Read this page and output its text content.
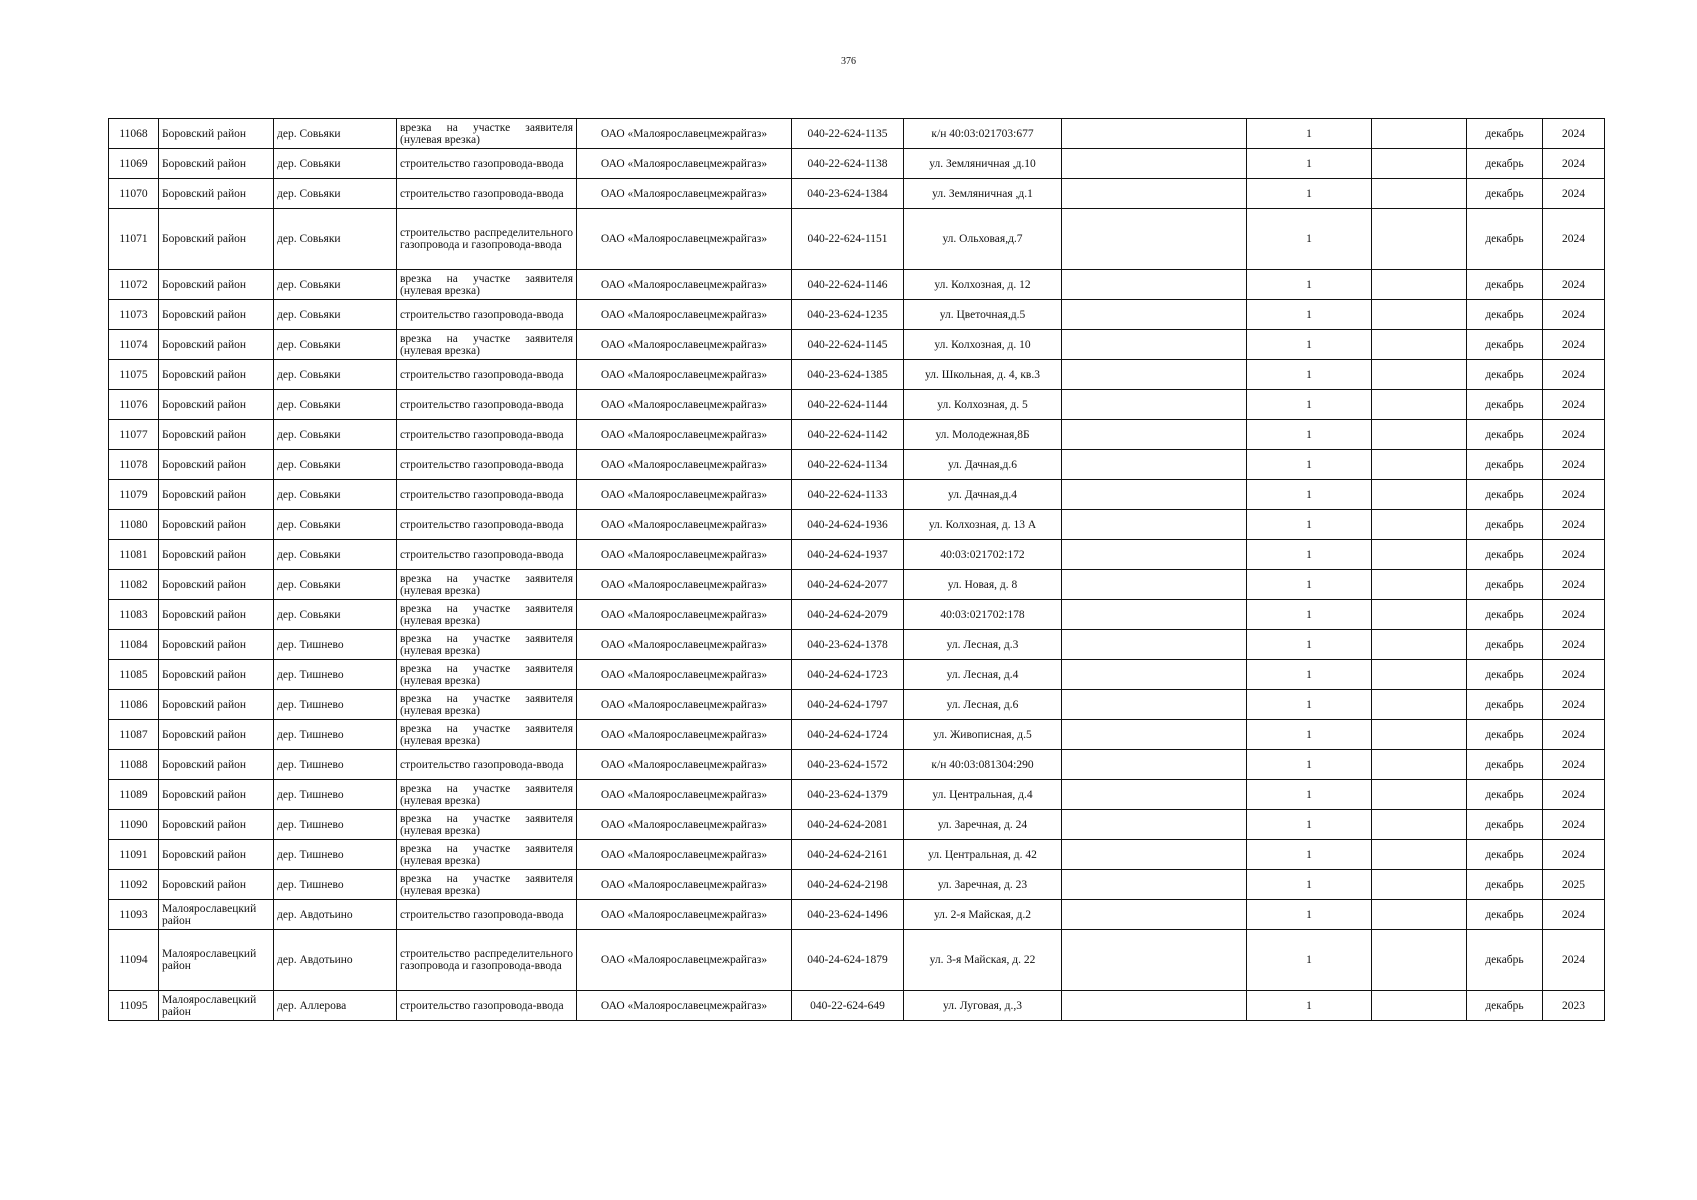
376
11068	Боровский район	дер. Совьяки	врезка на участке заявителя (нулевая врезка)	ОАО «Малоярославецмежрайгаз»	040-22-624-1135	к/н 40:03:021703:677		1		декабрь	2024
11069	Боровский район	дер. Совьяки	строительство газопровода-ввода	ОАО «Малоярославецмежрайгаз»	040-22-624-1138	ул. Земляничная ,д.10		1		декабрь	2024
11070	Боровский район	дер. Совьяки	строительство газопровода-ввода	ОАО «Малоярославецмежрайгаз»	040-23-624-1384	ул. Земляничная ,д.1		1		декабрь	2024
11071	Боровский район	дер. Совьяки	строительство распределительного газопровода и газопровода-ввода	ОАО «Малоярославецмежрайгаз»	040-22-624-1151	ул. Ольховая,д.7		1		декабрь	2024
11072	Боровский район	дер. Совьяки	врезка на участке заявителя (нулевая врезка)	ОАО «Малоярославецмежрайгаз»	040-22-624-1146	ул. Колхозная, д. 12		1		декабрь	2024
11073	Боровский район	дер. Совьяки	строительство газопровода-ввода	ОАО «Малоярославецмежрайгаз»	040-23-624-1235	ул. Цветочная,д.5		1		декабрь	2024
11074	Боровский район	дер. Совьяки	врезка на участке заявителя (нулевая врезка)	ОАО «Малоярославецмежрайгаз»	040-22-624-1145	ул. Колхозная, д. 10		1		декабрь	2024
11075	Боровский район	дер. Совьяки	строительство газопровода-ввода	ОАО «Малоярославецмежрайгаз»	040-23-624-1385	ул. Школьная, д. 4, кв.3		1		декабрь	2024
11076	Боровский район	дер. Совьяки	строительство газопровода-ввода	ОАО «Малоярославецмежрайгаз»	040-22-624-1144	ул. Колхозная, д. 5		1		декабрь	2024
11077	Боровский район	дер. Совьяки	строительство газопровода-ввода	ОАО «Малоярославецмежрайгаз»	040-22-624-1142	ул. Молодежная,8Б		1		декабрь	2024
11078	Боровский район	дер. Совьяки	строительство газопровода-ввода	ОАО «Малоярославецмежрайгаз»	040-22-624-1134	ул. Дачная,д.6		1		декабрь	2024
11079	Боровский район	дер. Совьяки	строительство газопровода-ввода	ОАО «Малоярославецмежрайгаз»	040-22-624-1133	ул. Дачная,д.4		1		декабрь	2024
11080	Боровский район	дер. Совьяки	строительство газопровода-ввода	ОАО «Малоярославецмежрайгаз»	040-24-624-1936	ул. Колхозная, д. 13 А		1		декабрь	2024
11081	Боровский район	дер. Совьяки	строительство газопровода-ввода	ОАО «Малоярославецмежрайгаз»	040-24-624-1937	40:03:021702:172		1		декабрь	2024
11082	Боровский район	дер. Совьяки	врезка на участке заявителя (нулевая врезка)	ОАО «Малоярославецмежрайгаз»	040-24-624-2077	ул. Новая, д. 8		1		декабрь	2024
11083	Боровский район	дер. Совьяки	врезка на участке заявителя (нулевая врезка)	ОАО «Малоярославецмежрайгаз»	040-24-624-2079	40:03:021702:178		1		декабрь	2024
11084	Боровский район	дер. Тишнево	врезка на участке заявителя (нулевая врезка)	ОАО «Малоярославецмежрайгаз»	040-23-624-1378	ул. Лесная, д.3		1		декабрь	2024
11085	Боровский район	дер. Тишнево	врезка на участке заявителя (нулевая врезка)	ОАО «Малоярославецмежрайгаз»	040-24-624-1723	ул. Лесная, д.4		1		декабрь	2024
11086	Боровский район	дер. Тишнево	врезка на участке заявителя (нулевая врезка)	ОАО «Малоярославецмежрайгаз»	040-24-624-1797	ул. Лесная, д.6		1		декабрь	2024
11087	Боровский район	дер. Тишнево	врезка на участке заявителя (нулевая врезка)	ОАО «Малоярославецмежрайгаз»	040-24-624-1724	ул. Живописная, д.5		1		декабрь	2024
11088	Боровский район	дер. Тишнево	строительство газопровода-ввода	ОАО «Малоярославецмежрайгаз»	040-23-624-1572	к/н 40:03:081304:290		1		декабрь	2024
11089	Боровский район	дер. Тишнево	врезка на участке заявителя (нулевая врезка)	ОАО «Малоярославецмежрайгаз»	040-23-624-1379	ул. Центральная, д.4		1		декабрь	2024
11090	Боровский район	дер. Тишнево	врезка на участке заявителя (нулевая врезка)	ОАО «Малоярославецмежрайгаз»	040-24-624-2081	ул. Заречная, д. 24		1		декабрь	2024
11091	Боровский район	дер. Тишнево	врезка на участке заявителя (нулевая врезка)	ОАО «Малоярославецмежрайгаз»	040-24-624-2161	ул. Центральная, д. 42		1		декабрь	2024
11092	Боровский район	дер. Тишнево	врезка на участке заявителя (нулевая врезка)	ОАО «Малоярославецмежрайгаз»	040-24-624-2198	ул. Заречная, д. 23		1		декабрь	2025
11093	Малоярославецкий район	дер. Авдотьино	строительство газопровода-ввода	ОАО «Малоярославецмежрайгаз»	040-23-624-1496	ул. 2-я Майская, д.2		1		декабрь	2024
11094	Малоярославецкий район	дер. Авдотьино	строительство распределительного газопровода и газопровода-ввода	ОАО «Малоярославецмежрайгаз»	040-24-624-1879	ул. 3-я Майская, д. 22		1		декабрь	2024
11095	Малоярославецкий район	дер. Аллерова	строительство газопровода-ввода	ОАО «Малоярославецмежрайгаз»	040-22-624-649	ул. Луговая, д.,3		1		декабрь	2023
